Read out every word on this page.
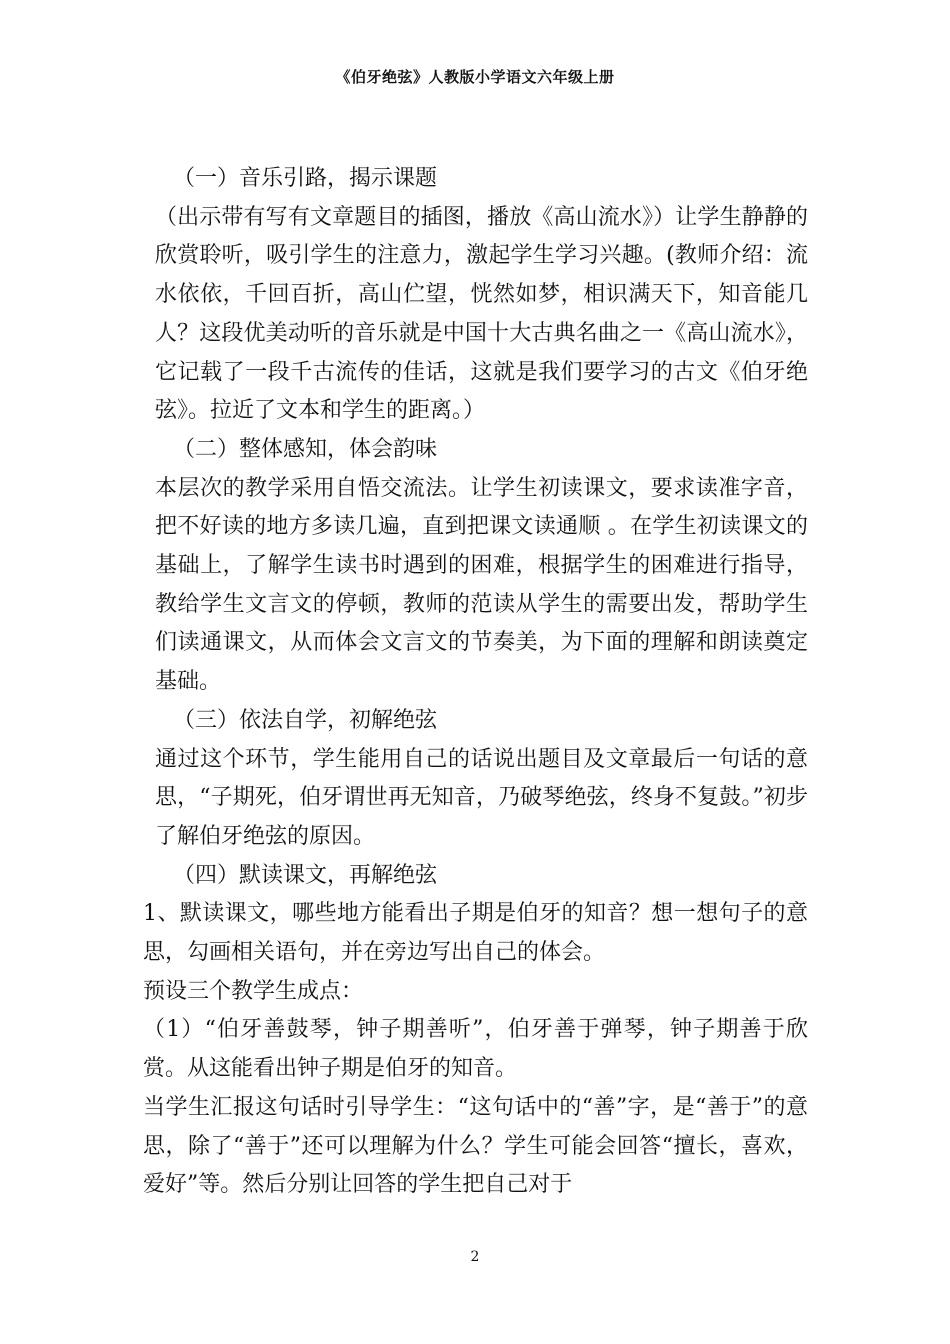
《伯牙绝弦》人教版小学语文六年级上册

（一）音乐引路，揭示课题

（出示带有写有文章题目的插图，播放《高山流水》）让学生静静的欣赏聆听，吸引学生的注意力，激起学生学习兴趣。(教师介绍：流水依依，千回百折，高山伫望，恍然如梦，相识满天下，知音能几人？这段优美动听的音乐就是中国十大古典名曲之一《高山流水》，它记载了一段千古流传的佳话，这就是我们要学习的古文《伯牙绝弦》。拉近了文本和学生的距离。）

（二）整体感知，体会韵味

本层次的教学采用自悟交流法。让学生初读课文，要求读准字音，把不好读的地方多读几遍，直到把课文读通顺 。在学生初读课文的基础上，了解学生读书时遇到的困难，根据学生的困难进行指导，教给学生文言文的停顿，教师的范读从学生的需要出发，帮助学生们读通课文，从而体会文言文的节奏美，为下面的理解和朗读奠定基础。

（三）依法自学，初解绝弦

通过这个环节，学生能用自己的话说出题目及文章最后一句话的意思，“子期死，伯牙谓世再无知音，乃破琴绝弦，终身不复鼓。”初步了解伯牙绝弦的原因。

（四）默读课文，再解绝弦

1、默读课文，哪些地方能看出子期是伯牙的知音？想一想句子的意思，勾画相关语句，并在旁边写出自己的体会。

预设三个教学生成点：

（1）“伯牙善鼓琴，钟子期善听”，伯牙善于弹琴，钟子期善于欣赏。从这能看出钟子期是伯牙的知音。

当学生汇报这句话时引导学生：“这句话中的“善”字，是“善于”的意思，除了“善于”还可以理解为什么？学生可能会回答“擅长，喜欢，爱好”等。然后分别让回答的学生把自己对于

2
